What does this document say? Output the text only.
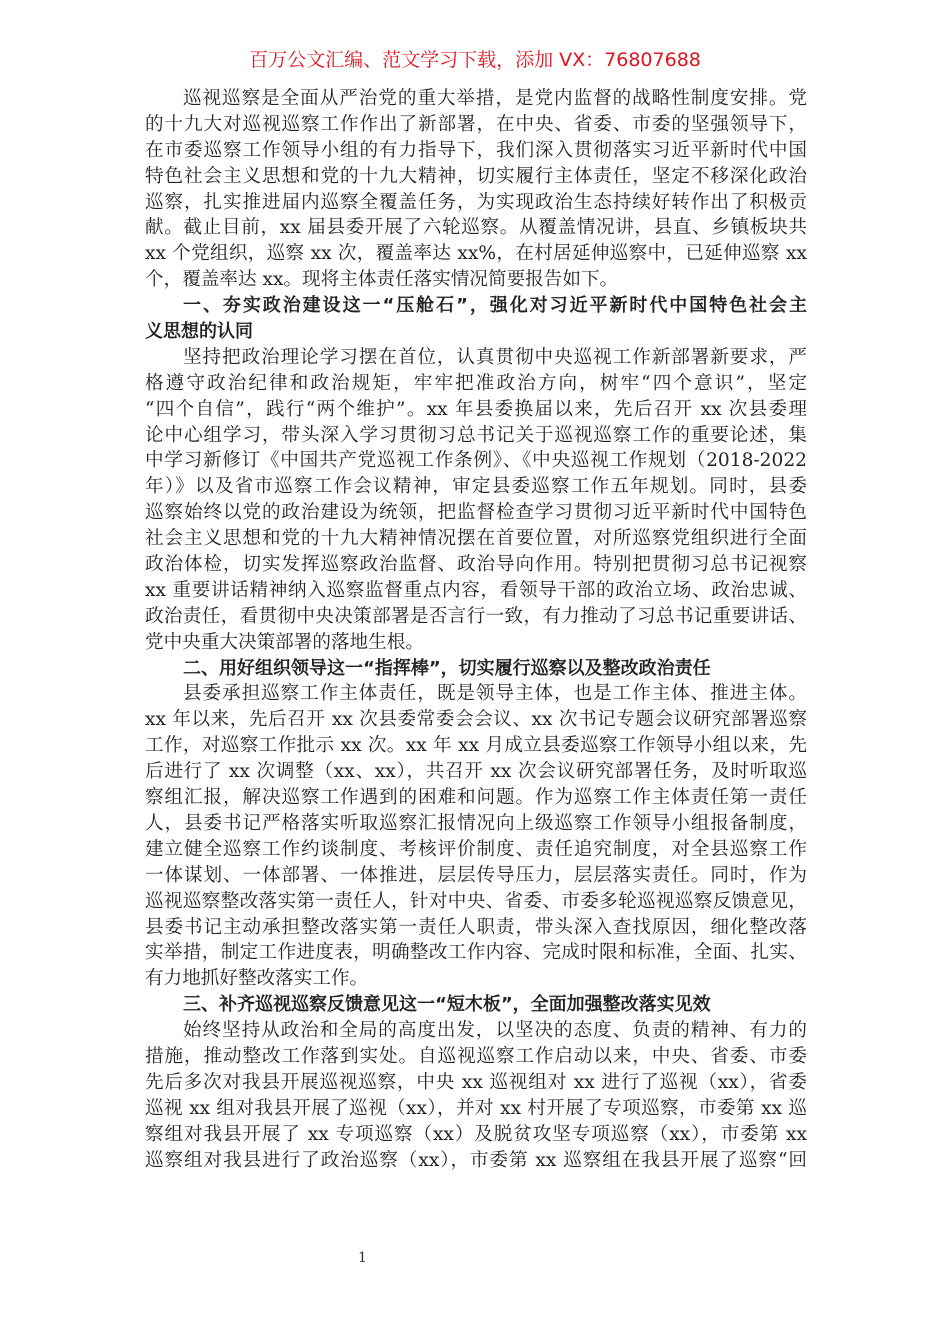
百万公文汇编、范文学习下载，添加 VX：76807688
巡视巡察是全面从严治党的重大举措，是党内监督的战略性制度安排。党
的十九大对巡视巡察工作作出了新部署，在中央、省委、市委的坚强领导下，
在市委巡察工作领导小组的有力指导下，我们深入贯彻落实习近平新时代中国
特色社会主义思想和党的十九大精神，切实履行主体责任，坚定不移深化政治
巡察，扎实推进届内巡察全覆盖任务，为实现政治生态持续好转作出了积极贡
献。截止目前，xx 届县委开展了六轮巡察。从覆盖情况讲，县直、乡镇板块共
xx 个党组织，巡察 xx 次，覆盖率达 xx%，在村居延伸巡察中，已延伸巡察 xx
个，覆盖率达 xx。现将主体责任落实情况简要报告如下。
一、夯实政治建设这一“压舱石”，强化对习近平新时代中国特色社会主
义思想的认同
坚持把政治理论学习摆在首位，认真贯彻中央巡视工作新部署新要求，严
格遵守政治纪律和政治规矩，牢牢把准政治方向，树牢“四个意识”，坚定
“四个自信”，践行“两个维护”。xx 年县委换届以来，先后召开 xx 次县委理
论中心组学习，带头深入学习贯彻习总书记关于巡视巡察工作的重要论述，集
中学习新修订《中国共产党巡视工作条例》、《中央巡视工作规划（2018-2022
年）》以及省市巡察工作会议精神，审定县委巡察工作五年规划。同时，县委
巡察始终以党的政治建设为统领，把监督检查学习贯彻习近平新时代中国特色
社会主义思想和党的十九大精神情况摆在首要位置，对所巡察党组织进行全面
政治体检，切实发挥巡察政治监督、政治导向作用。特别把贯彻习总书记视察
xx 重要讲话精神纳入巡察监督重点内容，看领导干部的政治立场、政治忠诚、
政治责任，看贯彻中央决策部署是否言行一致，有力推动了习总书记重要讲话、
党中央重大决策部署的落地生根。
二、用好组织领导这一“指挥棒”，切实履行巡察以及整改政治责任
县委承担巡察工作主体责任，既是领导主体，也是工作主体、推进主体。
xx 年以来，先后召开 xx 次县委常委会会议、xx 次书记专题会议研究部署巡察
工作，对巡察工作批示 xx 次。xx 年 xx 月成立县委巡察工作领导小组以来，先
后进行了 xx 次调整（xx、xx），共召开 xx 次会议研究部署任务，及时听取巡
察组汇报，解决巡察工作遇到的困难和问题。作为巡察工作主体责任第一责任
人，县委书记严格落实听取巡察汇报情况向上级巡察工作领导小组报备制度，
建立健全巡察工作约谈制度、考核评价制度、责任追究制度，对全县巡察工作
一体谋划、一体部署、一体推进，层层传导压力，层层落实责任。同时，作为
巡视巡察整改落实第一责任人，针对中央、省委、市委多轮巡视巡察反馈意见，
县委书记主动承担整改落实第一责任人职责，带头深入查找原因，细化整改落
实举措，制定工作进度表，明确整改工作内容、完成时限和标准，全面、扎实、
有力地抓好整改落实工作。
三、补齐巡视巡察反馈意见这一“短木板”，全面加强整改落实见效
始终坚持从政治和全局的高度出发，以坚决的态度、负责的精神、有力的
措施，推动整改工作落到实处。自巡视巡察工作启动以来，中央、省委、市委
先后多次对我县开展巡视巡察，中央 xx 巡视组对 xx 进行了巡视（xx），省委
巡视 xx 组对我县开展了巡视（xx），并对 xx 村开展了专项巡察，市委第 xx 巡
察组对我县开展了 xx 专项巡察（xx）及脱贫攻坚专项巡察（xx），市委第 xx
巡察组对我县进行了政治巡察（xx），市委第 xx 巡察组在我县开展了巡察“回
1
